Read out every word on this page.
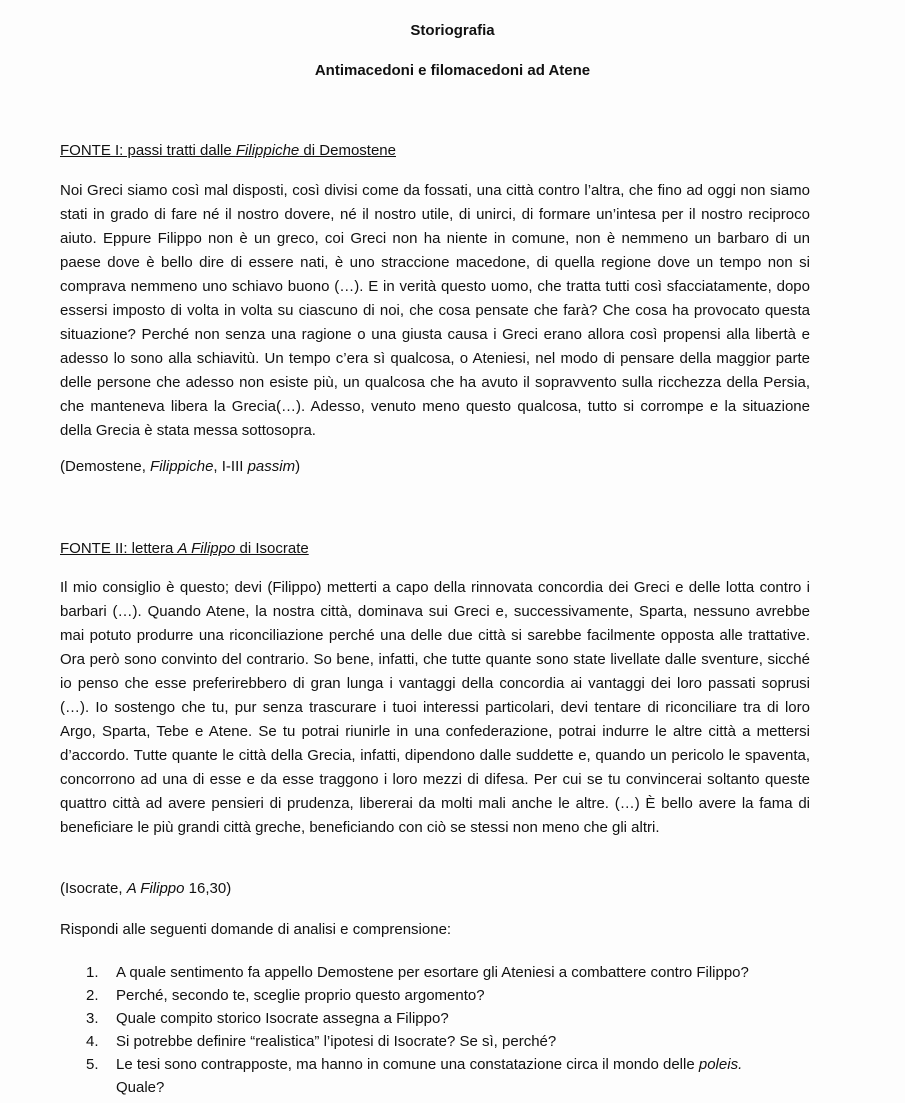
Storiografia
Antimacedoni e filomacedoni ad Atene
FONTE I: passi tratti dalle Filippiche di Demostene
Noi Greci siamo così mal disposti, così divisi come da fossati, una città contro l’altra, che fino ad oggi non siamo stati in grado di fare né il nostro dovere, né il nostro utile, di unirci, di formare un’intesa per il nostro reciproco aiuto. Eppure Filippo non è un greco, coi Greci non ha niente in comune, non è nemmeno un barbaro di un paese dove è bello dire di essere nati, è uno straccione macedone, di quella regione dove un tempo non si comprava nemmeno uno schiavo buono (…). E in verità questo uomo, che tratta tutti così sfacciatamente, dopo essersi imposto di volta in volta su ciascuno di noi, che cosa pensate che farà? Che cosa ha provocato questa situazione? Perché non senza una ragione o una giusta causa i Greci erano allora così propensi alla libertà e adesso lo sono alla schiavitù. Un tempo c’era sì qualcosa, o Ateniesi, nel modo di pensare della maggior parte delle persone che adesso non esiste più, un qualcosa che ha avuto il sopravvento sulla ricchezza della Persia, che manteneva libera la Grecia(…). Adesso, venuto meno questo qualcosa, tutto si corrompe e la situazione della Grecia è stata messa sottosopra.
(Demostene, Filippiche, I-III passim)
FONTE II: lettera A Filippo di Isocrate
Il mio consiglio è questo; devi (Filippo) metterti a capo della rinnovata concordia dei Greci e delle lotta contro i barbari (…). Quando Atene, la nostra città, dominava sui Greci e, successivamente, Sparta, nessuno avrebbe mai potuto produrre una riconciliazione perché una delle due città si sarebbe facilmente opposta alle trattative. Ora però sono convinto del contrario. So bene, infatti, che tutte quante sono state livellate dalle sventure, sicché io penso che esse preferirebbero di gran lunga i vantaggi della concordia ai vantaggi dei loro passati soprusi (…). Io sostengo che tu, pur senza trascurare i tuoi interessi particolari, devi tentare di riconciliare tra di loro Argo, Sparta, Tebe e Atene. Se tu potrai riunirle in una confederazione, potrai indurre le altre città a mettersi d’accordo. Tutte quante le città della Grecia, infatti, dipendono dalle suddette e, quando un pericolo le spaventa, concorrono ad una di esse e da esse traggono i loro mezzi di difesa. Per cui se tu convincerai soltanto queste quattro città ad avere pensieri di prudenza, libererai da molti mali anche le altre. (…) È bello avere la fama di beneficiare le più grandi città greche, beneficiando con ciò se stessi non meno che gli altri.
(Isocrate, A Filippo 16,30)
Rispondi alle seguenti domande di analisi e comprensione:
1.	A quale sentimento fa appello Demostene per esortare gli Ateniesi a combattere contro Filippo?
2.	Perché, secondo te, sceglie proprio questo argomento?
3.	Quale compito storico Isocrate assegna a Filippo?
4.	Si potrebbe definire “realistica” l’ipotesi di Isocrate? Se sì, perché?
5.	Le tesi sono contrapposte, ma hanno in comune una constatazione circa il mondo delle poleis.
Quale?
